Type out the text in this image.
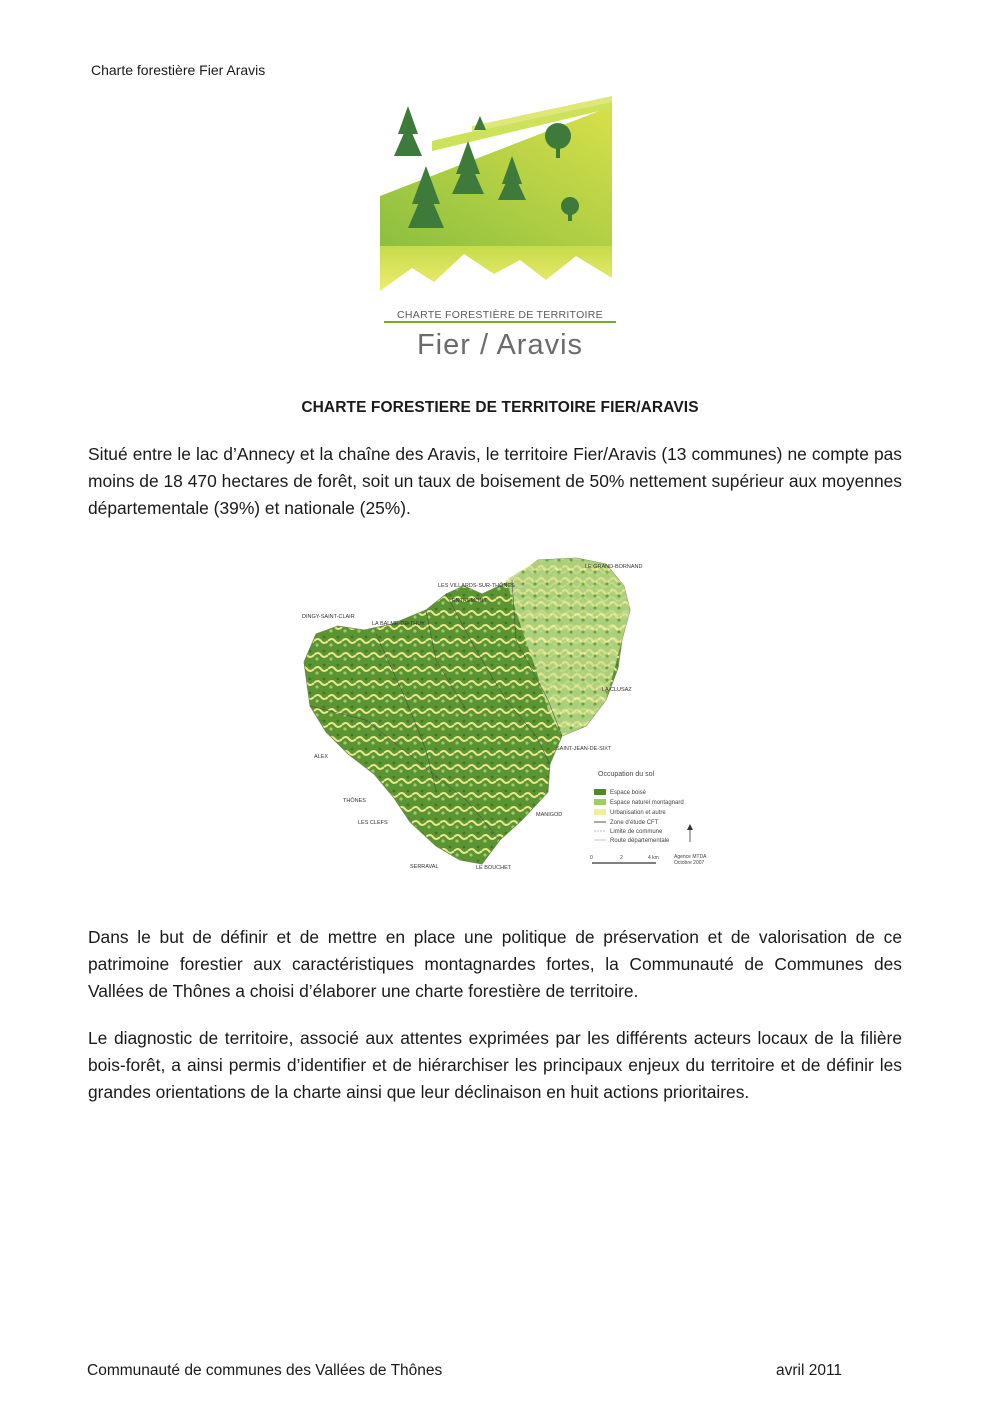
Charte forestière Fier Aravis
CHARTE FORESTIÈRE DE TERRITOIRE
Fier / Aravis
CHARTE FORESTIERE DE TERRITOIRE FIER/ARAVIS

Situé entre le lac d’Annecy et la chaîne des Aravis, le territoire Fier/Aravis (13 communes) ne compte pas moins de 18 470 hectares de forêt, soit un taux de boisement de 50% nettement supérieur aux moyennes départementale (39%) et nationale (25%).

LE GRAND-BORNAND
LES VILLARDS-SUR-THÔNES
ENTREMONT
DINGY-SAINT-CLAIR
LA BALME-DE-THUY
LA CLUSAZ
SAINT-JEAN-DE-SIXT
ALEX
THÔNES
MANIGOD
LES CLEFS
SERRAVAL	LE BOUCHET
Occupation du sol
Espace boisé
Espace naturel montagnard
Urbanisation et autre
Zone d’étude CFT
Limite de commune
Route départementale
0	2	4 km	Agence MTDA
Octobre 2007

Dans le but de définir et de mettre en place une politique de préservation et de valorisation de ce patrimoine forestier aux caractéristiques montagnardes fortes, la Communauté de Communes des Vallées de Thônes a choisi d’élaborer une charte forestière de territoire.

Le diagnostic de territoire, associé aux attentes exprimées par les différents acteurs locaux de la filière bois-forêt, a ainsi permis d’identifier et de hiérarchiser les principaux enjeux du territoire et de définir les grandes orientations de la charte ainsi que leur déclinaison en huit actions prioritaires.

Communauté de communes des Vallées de Thônes	avril 2011
